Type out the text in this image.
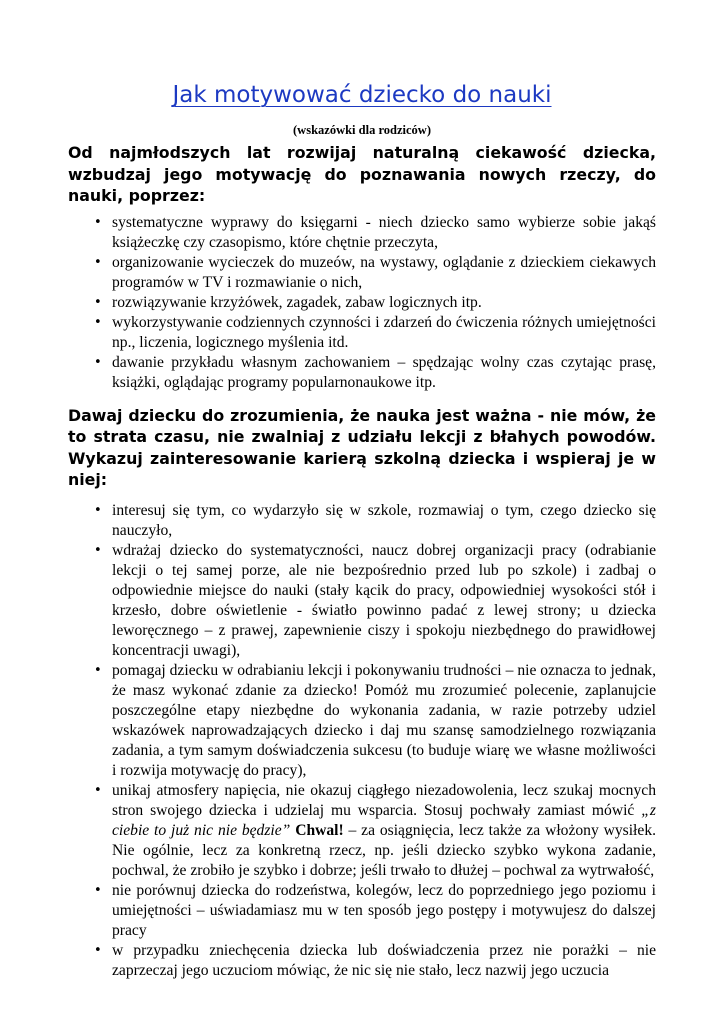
Jak motywować dziecko do nauki

(wskazówki dla rodziców)

Od najmłodszych lat rozwijaj naturalną ciekawość dziecka, wzbudzaj jego motywację do poznawania nowych rzeczy, do nauki, poprzez:

• systematyczne wyprawy do księgarni - niech dziecko samo wybierze sobie jakąś książeczkę czy czasopismo, które chętnie przeczyta,
• organizowanie wycieczek do muzeów, na wystawy, oglądanie z dzieckiem ciekawych programów w TV i rozmawianie o nich,
• rozwiązywanie krzyżówek, zagadek, zabaw logicznych itp.
• wykorzystywanie codziennych czynności i zdarzeń do ćwiczenia różnych umiejętności np., liczenia, logicznego myślenia itd.
• dawanie przykładu własnym zachowaniem – spędzając wolny czas czytając prasę, książki, oglądając programy popularnonaukowe itp.

Dawaj dziecku do zrozumienia, że nauka jest ważna - nie mów, że to strata czasu, nie zwalniaj z udziału lekcji z błahych powodów. Wykazuj zainteresowanie karierą szkolną dziecka i wspieraj je w niej:

• interesuj się tym, co wydarzyło się w szkole, rozmawiaj o tym, czego dziecko się nauczyło,
• wdrażaj dziecko do systematyczności, naucz dobrej organizacji pracy (odrabianie lekcji o tej samej porze, ale nie bezpośrednio przed lub po szkole) i zadbaj o odpowiednie miejsce do nauki (stały kącik do pracy, odpowiedniej wysokości stół i krzesło, dobre oświetlenie - światło powinno padać z lewej strony; u dziecka leworęcznego – z prawej, zapewnienie ciszy i spokoju niezbędnego do prawidłowej koncentracji uwagi),
• pomagaj dziecku w odrabianiu lekcji i pokonywaniu trudności – nie oznacza to jednak, że masz wykonać zdanie za dziecko! Pomóż mu zrozumieć polecenie, zaplanujcie poszczególne etapy niezbędne do wykonania zadania, w razie potrzeby udziel wskazówek naprowadzających dziecko i daj mu szansę samodzielnego rozwiązania zadania, a tym samym doświadczenia sukcesu (to buduje wiarę we własne możliwości i rozwija motywację do pracy),
• unikaj atmosfery napięcia, nie okazuj ciągłego niezadowolenia, lecz szukaj mocnych stron swojego dziecka i udzielaj mu wsparcia. Stosuj pochwały zamiast mówić „z ciebie to już nic nie będzie” Chwal! – za osiągnięcia, lecz także za włożony wysiłek. Nie ogólnie, lecz za konkretną rzecz, np. jeśli dziecko szybko wykona zadanie, pochwal, że zrobiło je szybko i dobrze; jeśli trwało to dłużej – pochwal za wytrwałość,
• nie porównuj dziecka do rodzeństwa, kolegów, lecz do poprzedniego jego poziomu i umiejętności – uświadamiasz mu w ten sposób jego postępy i motywujesz do dalszej pracy
• w przypadku zniechęcenia dziecka lub doświadczenia przez nie porażki – nie zaprzeczaj jego uczuciom mówiąc, że nic się nie stało, lecz nazwij jego uczucia
